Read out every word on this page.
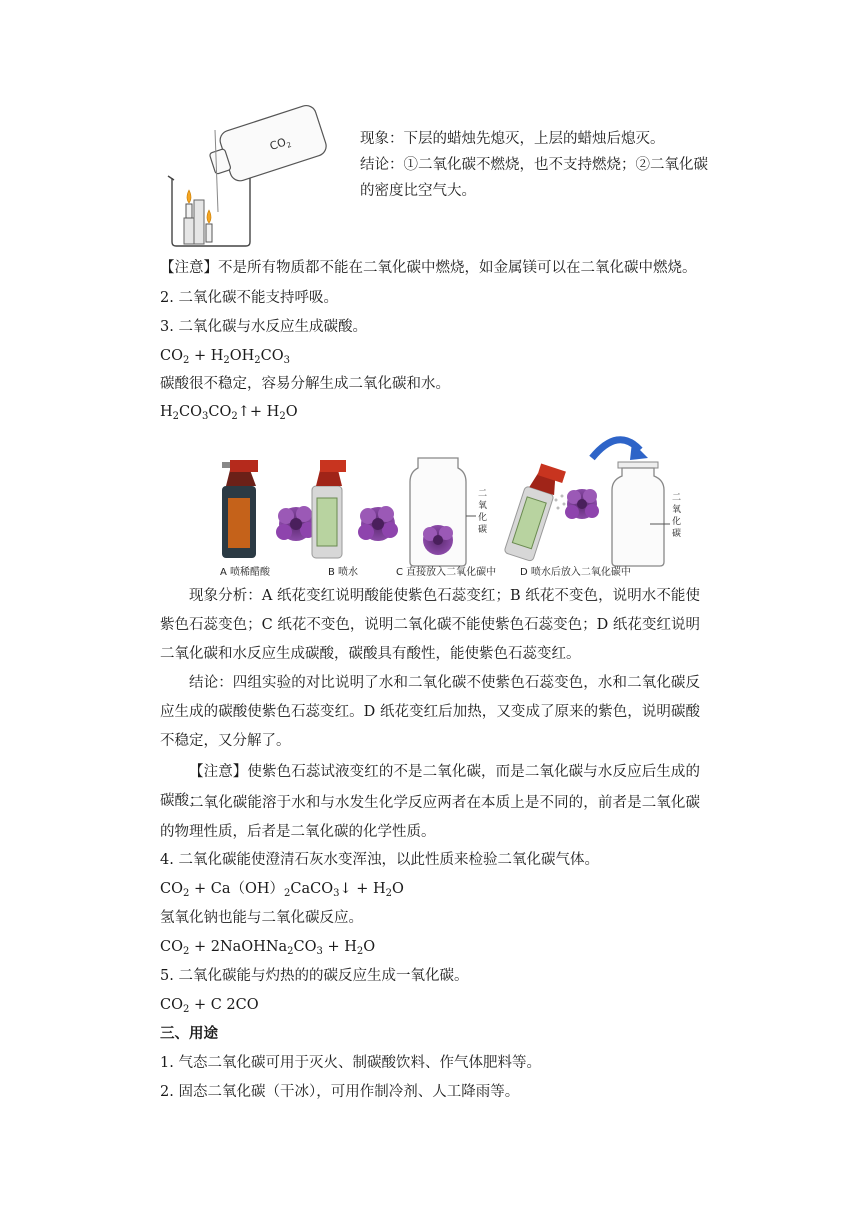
$CO_2$	现象：下层的蜡烛先熄灭，上层的蜡烛后熄灭。

结论：①二氧化碳不燃烧，也不支持燃烧；②二氧化碳

的密度比空气大。

【注意】不是所有物质都不能在二氧化碳中燃烧，如金属镁可以在二氧化碳中燃烧。
2. 二氧化碳不能支持呼吸。
3. 二氧化碳与水反应生成碳酸。
$CO_2 + H_2OH_2CO_3$
碳酸很不稳定，容易分解生成二氧化碳和水。
$H_2CO_3CO_2↑+ H_2O$
二
氧
化
碳
二
氧
化
碳
A 喷稀醋酸	B 喷水	C 直接放入二氧化碳中 D 喷水后放入二氧化碳中

现象分析：A 纸花变红说明酸能使紫色石蕊变红；B 纸花不变色，说明水不能使紫色石蕊变色；C 纸花不变色，说明二氧化碳不能使紫色石蕊变色；D 纸花变红说明二氧化碳和水反应生成碳酸，碳酸具有酸性，能使紫色石蕊变红。

结论：四组实验的对比说明了水和二氧化碳不使紫色石蕊变色，水和二氧化碳反应生成的碳酸使紫色石蕊变红。D 纸花变红后加热，又变成了原来的紫色，说明碳酸不稳定，又分解了。

【注意】使紫色石蕊试液变红的不是二氧化碳，而是二氧化碳与水反应后生成的碳酸；

二氧化碳能溶于水和与水发生化学反应两者在本质上是不同的，前者是二氧化碳的物理性质，后者是二氧化碳的化学性质。

4. 二氧化碳能使澄清石灰水变浑浊，以此性质来检验二氧化碳气体。
$CO_2$ + $Ca(OH)_2CaCO_3↓ + H_2O$
氢氧化钠也能与二氧化碳反应。
$CO_2$ + $2NaOHNa_2CO_3 + H_2O$
5. 二氧化碳能与灼热的的碳反应生成一氧化碳。
$CO_2 + C$ 2CO
三、用途
1. 气态二氧化碳可用于灭火、制碳酸饮料、作气体肥料等。
2. 固态二氧化碳（干冰），可用作制冷剂、人工降雨等。
